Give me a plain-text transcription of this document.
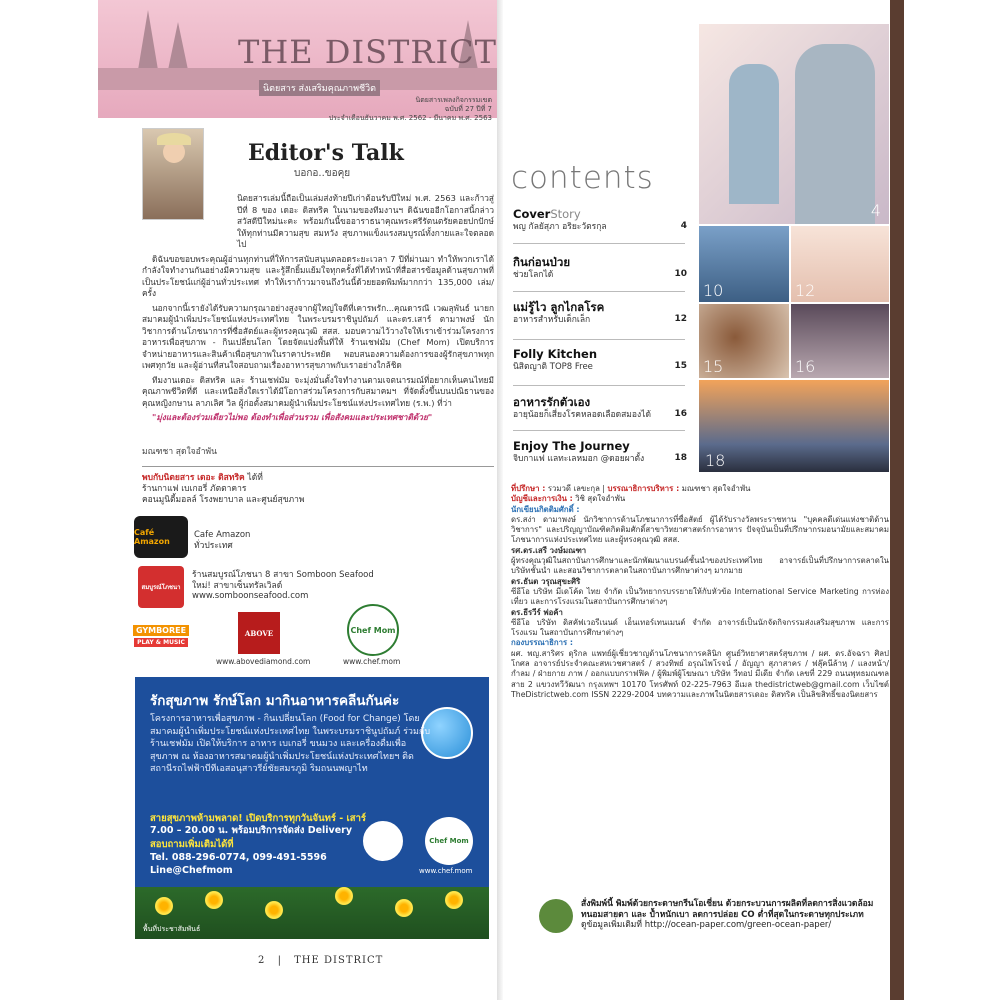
THE DISTRICT
นิตยสาร ส่งเสริมคุณภาพชีวิต
นิตยสารเพลงกิจกรรมเขต
ฉบับที่ 27 ปีที่ 7
ประจำเดือนธันวาคม พ.ศ. 2562 - มีนาคม พ.ศ. 2563
Editor's Talk
บอกอ..ขอคุย

นิตยสารเล่มนี้ถือเป็นเล่มส่งท้ายปีเก่าต้อนรับปีใหม่ พ.ศ. 2563 และก้าวสู่ปีที่ 8 ของ เดอะ ดิสทริค ในนามของทีมงานฯ ดิฉันขออีกโอกาสนี้กล่าวสวัสดีปีใหม่นะคะ พร้อมกันนี้ขออาราธนาคุณพระศรีรัตนตรัยคอยปกปักษ์ให้ทุกท่านมีความสุข สมหวัง สุขภาพแข็งแรงสมบูรณ์ทั้งกายและใจตลอดไป

ดิฉันขอขอบพระคุณผู้อ่านทุกท่านที่ให้การสนับสนุนตลอดระยะเวลา 7 ปีที่ผ่านมา ทำให้พวกเราได้กำลังใจทำงานกันอย่างมีความสุข และรู้สึกยิ้มแย้มใจทุกครั้งที่ได้ทำหน้าที่สื่อสารข้อมูลด้านสุขภาพที่เป็นประโยชน์แก่ผู้อ่านทั่วประเทศ ทำให้เราก้าวมาจนถึงวันนี้ด้วยยอดพิมพ์มากกว่า 135,000 เล่ม/ครั้ง

นอกจากนี้เรายังได้รับความกรุณาอย่างสูงจากผู้ใหญ่ใจดีที่เคารพรัก...คุณดารณี เวฒลุพันธ์ นายกสมาคมผู้นำเพิ่มประโยชน์แห่งประเทศไทย ในพระบรมราชินูปถัมภ์ และดร.เสาร์ ตามาพงษ์ นักวิชาการด้านโภชนาการที่ซื่อสัตย์และผู้ทรงคุณวุฒิ สสส. มอบความไว้วางใจให้เราเข้าร่วมโครงการอาหารเพื่อสุขภาพ - กินเปลี่ยนโลก โดยจัดแบ่งพื้นที่ให้ ร้านเชฟมัม (Chef Mom) เปิดบริการจำหน่ายอาหารและสินค้าเพื่อสุขภาพในราคาประหยัด พอบสนองความต้องการของผู้รักสุขภาพทุกเพศทุกวัย และผู้อ่านที่สนใจสอบถามเรื่องอาหารสุขภาพกับเราอย่างใกล้ชิด

ทีมงานเดอะ ดิสทริค และ ร้านเชฟมัม จะมุ่งมั่นตั้งใจทำงานตามเจตนารมณ์ที่อยากเห็นคนไทยมีคุณภาพชีวิตที่ดี และเหนือสิ่งใดเราได้มีโอกาสร่วมโครงการกับสมาคมฯ ที่จัดตั้งขึ้นบนปณิธานของคุณหญิงกษาน ลาภเลิศ วิล ผู้ก่อตั้งสมาคมผู้นำเพิ่มประโยชน์แห่งประเทศไทย (ร.พ.) ที่ว่า

"มุ่งและต้องร่วมเดียวไม่พอ ต้องทำเพื่อส่วนรวม เพื่อสังคมและประเทศชาติด้วย"

มณฑชา สุดใจอำพัน
พบกับนิตยสาร เดอะ ดิสทริค ได้ที่
ร้านกาแฟ เบเกอรี่ ภัตตาคาร
คอนมูนิตี้มอลล์ โรงพยาบาล และศูนย์สุขภาพ
Café Amazon
Cafe Amazon
ทั่วประเทศ
สมบูรณ์โภชนา
ร้านสมบูรณ์โภชนา 8 สาขา Somboon Seafood
ใหม่! สาขาเซ็นทรัลเวิลด์
www.somboonseafood.com
GYMBOREE
PLAY & MUSIC
ABOVE
www.abovediamond.com
Chef Mom
www.chef.mom
รักสุขภาพ รักษ์โลก มากินอาหารคลีนกันค่ะ
โครงการอาหารเพื่อสุขภาพ - กินเปลี่ยนโลก (Food for Change) โดยสมาคมผู้นำเพิ่มประโยชน์แห่งประเทศไทย ในพระบรมราชินูปถัมภ์ ร่วมกับร้านเชฟมัม เปิดให้บริการ อาหาร เบเกอรี่ ขนมวง และเครื่องดื่มเพื่อสุขภาพ ณ ห้องอาหารสมาคมผู้นำเพิ่มประโยชน์แห่งประเทศไทยฯ ติดสถานีรถไฟฟ้าบีทีเอสอนุสาวรีย์ชัยสมรภูมิ ริมถนนพญาไท
สายสุขภาพห้ามพลาด! เปิดบริการทุกวันจันทร์ - เสาร์
7.00 – 20.00 น. พร้อมบริการจัดส่ง Delivery
สอบถามเพิ่มเติมได้ที่
Tel. 088-296-0774, 099-491-5596
Line@Chefmom
Chef Mom
www.chef.mom
พื้นที่ประชาสัมพันธ์
2 | THE DISTRICT
contents
CoverStory
พญ กัลยัสุภา อริยะวัตรกุล	4
กินก่อนป่วย
ช่วยโลกได้	10
แม่รู้ไว ลูกไกลโรค
อาหารสำหรับเด็กเล็ก	12
Folly Kitchen
นิสิตญาติ TOP8 Free	15
อาหารรักตัวเอง
อายุน้อยก็เสี่ยงโรคหลอดเลือดสมองได้	16
4
10	12
15	16
18
Enjoy The Journey
จิบกาแฟ แลทะเลหมอก @ดอยผาตั้ง	18
ที่ปรึกษา : รวมวดี เลขะกุล | บรรณาธิการบริหาร : มณฑชา สุดใจอำพัน
บัญชีและการเงิน : วิชิ สุดใจอำพัน
นักเขียนกิตติมศักดิ์ :
ดร.สง่า ดามาพงษ์ นักวิชาการด้านโภชนาการที่ซื่อสัตย์ ผู้ได้รับรางวัลพระราชทาน "บุคคลดีเด่นแห่งชาติด้านวิชาการ" และปริญญาบัณฑิตกิตติมศักดิ์สาขาวิทยาศาสตร์การอาหาร ปัจจุบันเป็นที่ปรึกษากรมอนามัยและสมาคมโภชนาการแห่งประเทศไทย และผู้ทรงคุณวุฒิ สสส.
รศ.ดร.เสรี วงษ์มณฑา
ผู้ทรงคุณวุฒิในสถาบันการศึกษาและนักพัฒนาแบรนด์ชั้นนำของประเทศไทย อาจารย์เป็นที่ปรึกษาการตลาดในบริษัทชั้นนำ และสอนวิชาการตลาดในสถาบันการศึกษาต่างๆ มากมาย
ดร.ธันต วรุณสุขะศิริ
ซีอีโอ บริษัท มีเดโค้ด ไทย จำกัด เป็นวิทยากรบรรยายให้กับหัวข้อ International Service Marketing การท่องเที่ยว และการโรงแรมในสถาบันการศึกษาต่างๆ
ดร.ธีรวีร์ พ่อค้า
ซีอีโอ บริษัท ดิสคัฟเวอรีเนนด์ เอ็นเทอร์เทนเมนต์ จำกัด อาจารย์เป็นนักจัดกิจกรรมส่งเสริมสุขภาพ และการโรงแรม ในสถาบันการศึกษาต่างๆ
กองบรรณาธิการ :
ผศ. พญ.สาริศร ดุริกล แพทย์ผู้เชี่ยวชาญด้านโภชนาการคลินิก ศูนย์วิทยาศาสตร์สุขภาพ / ผศ. ดร.อัจฉรา ศิลปโกศล อาจารย์ประจำคณะสหเวชศาสตร์ / สวงทิพย์ อรุณไพโรจน์ / อัญญา สุภาสาคร / ฟลุ๊คนีล้าหฺ / แลงหน้า/กำลม / ฝ่ายกาย ภาพ / ออกแบบกราฟฟิค / ผู้พิมพ์ผู้โฆษณา บริษัท วีทอป มีเดีย จำกัด เลขที่ 229 ถนนพุทธมณฑลสาย 2 แขวงทวีวัฒนา กรุงเทพฯ 10170 โทรศัพท์ 02-225-7963 อีเมล thedistrictweb@gmail.com เว็บไซต์ TheDistrictweb.com ISSN 2229-2004 บทความและภาพในนิตยสารเดอะ ดิสทริค เป็นลิขสิทธิ์ของนิตยสาร
สั่งพิมพ์นี้ พิมพ์ด้วยกระดาษกรีนโอเชี่ยน ด้วยกระบวนการผลิตที่ลดการสิ่งแวดล้อม
ทนอมสายตา และ ป้ำหนักเบา ลดการปล่อย CO ต่ำที่สุดในกระดาษทุกประเภท
ดูข้อมูลเพิ่มเติมที่ http://ocean-paper.com/green-ocean-paper/
